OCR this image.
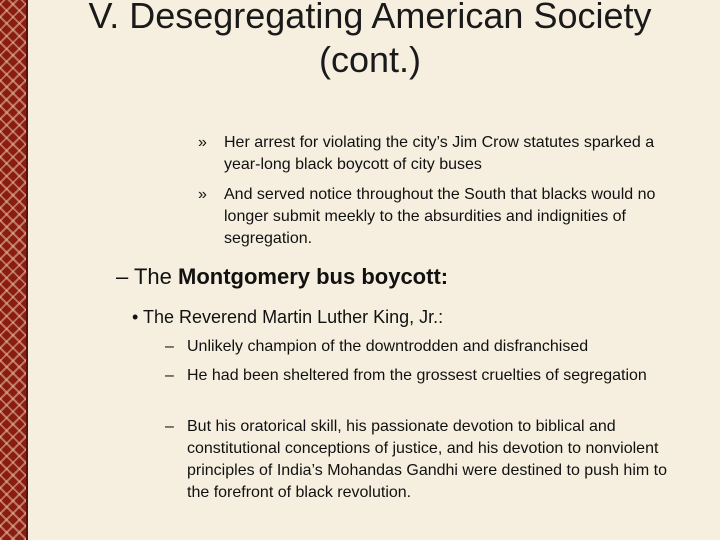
V. Desegregating American Society (cont.)
» Her arrest for violating the city’s Jim Crow statutes sparked a year-long black boycott of city buses
» And served notice throughout the South that blacks would no longer submit meekly to the absurdities and indignities of segregation.
– The Montgomery bus boycott:
• The Reverend Martin Luther King, Jr.:
– Unlikely champion of the downtrodden and disfranchised
– He had been sheltered from the grossest cruelties of segregation
– But his oratorical skill, his passionate devotion to biblical and constitutional conceptions of justice, and his devotion to nonviolent principles of India’s Mohandas Gandhi were destined to push him to the forefront of black revolution.
